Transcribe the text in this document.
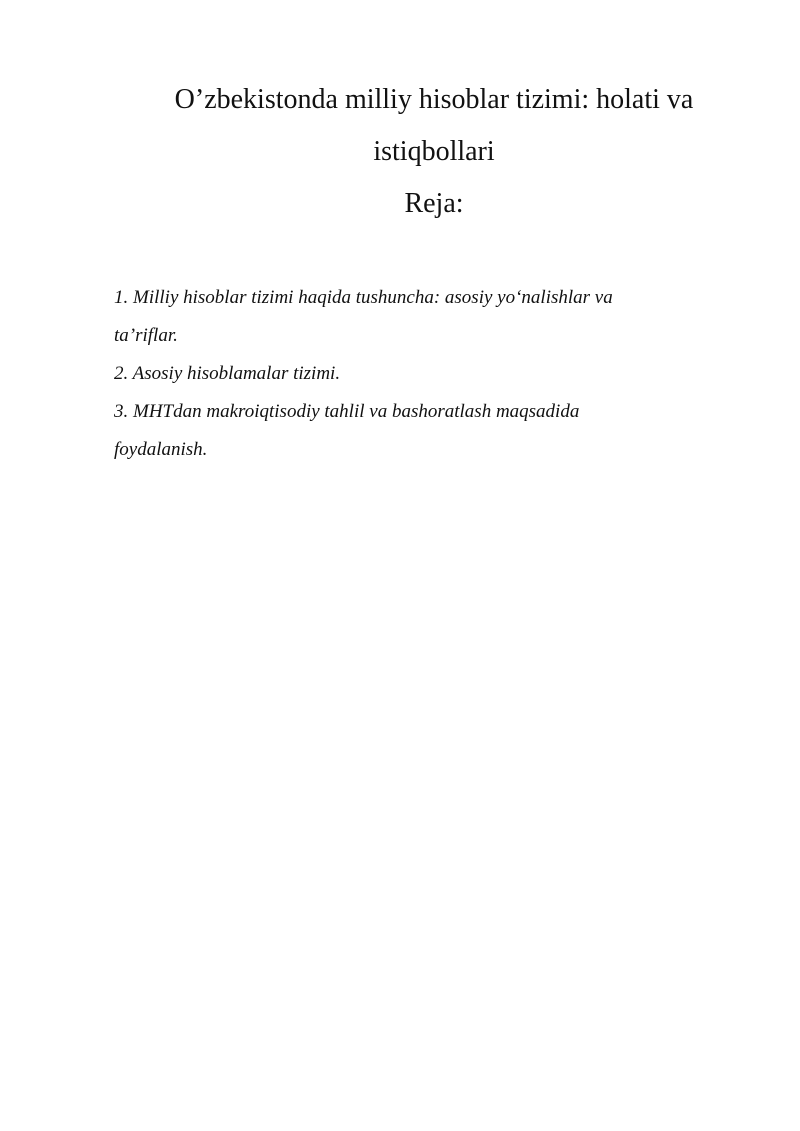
O’zbekistonda milliy hisoblar tizimi: holati va
istiqbollari
Reja:
1. Milliy hisoblar tizimi haqida tushuncha: asosiy yo‘nalishlar va
ta’riflar.
2. Asosiy hisoblamalar tizimi.
3. MHTdan makroiqtisodiy tahlil va bashoratlash maqsadida
foydalanish.
